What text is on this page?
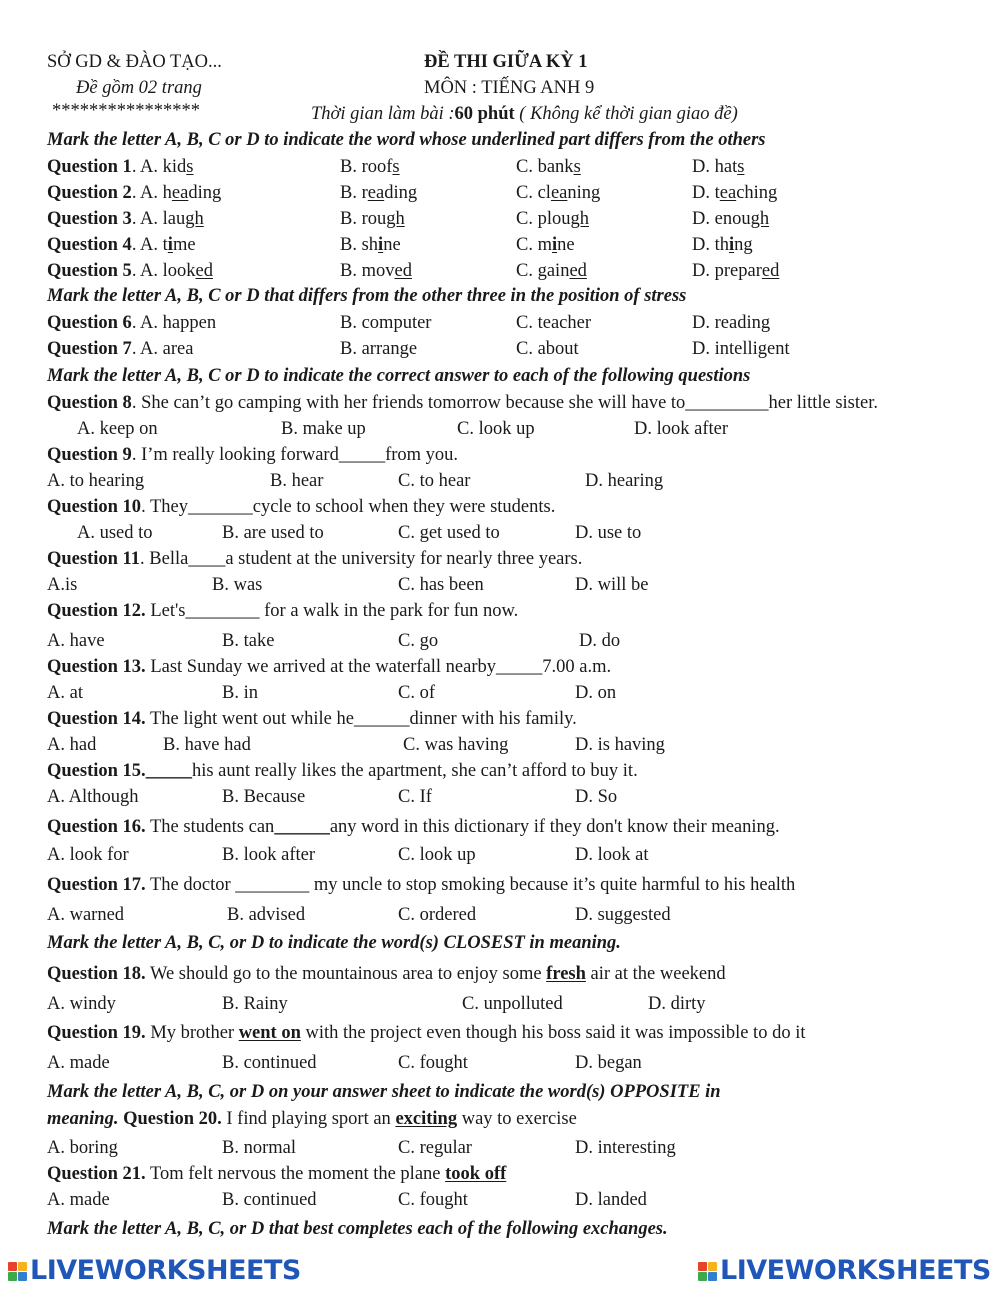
SỞ GD & ĐÀO TẠO...
Đề gồm 02 trang
****************
ĐỀ THI GIỮA KỲ 1
MÔN : TIẾNG ANH 9
Thời gian làm bài :60 phút ( Không kể thời gian giao đề)
Mark the letter A, B, C or D to indicate the word whose underlined part differs from the others
Question 1. A. kids	B. roofs	C. banks	D. hats
Question 2. A. heading	B. reading	C. cleaning	D. teaching
Question 3. A. laugh	B. rough	C. plough	D. enough
Question 4. A. time	B. shine	C. mine	D. thing
Question 5. A. looked	B. moved	C. gained	D. prepared
Mark the letter A, B, C or D that differs from the other three in the position of stress
Question 6. A. happen	B. computer	C. teacher	D. reading
Question 7. A. area	B. arrange	C. about	D. intelligent
Mark the letter A, B, C or D to indicate the correct answer to each of the following questions
Question 8. She can’t go camping with her friends tomorrow because she will have to_________her little sister.
A. keep on	B. make up	C. look up	D. look after
Question 9. I’m really looking forward_____from you.
A. to hearing	B. hear	C. to hear	D. hearing
Question 10. They_______cycle to school when they were students.
A. used to	B. are used to	C. get used to	D. use to
Question 11. Bella____a student at the university for nearly three years.
A.is	B. was	C. has been	D. will be
Question 12. Let's________ for a walk in the park for fun now.
A. have	B. take	C. go	D. do
Question 13. Last Sunday we arrived at the waterfall nearby_____7.00 a.m.
A. at	B. in	C. of	D. on
Question 14. The light went out while he______dinner with his family.
A. had	B. have had	C. was having	D. is having
Question 15._____his aunt really likes the apartment, she can’t afford to buy it.
A. Although	B. Because	C. If	D. So
Question 16. The students can______any word in this dictionary if they don't know their meaning.
A. look for	B. look after	C. look up	D. look at
Question 17. The doctor ________ my uncle to stop smoking because it’s quite harmful to his health
A. warned	B. advised	C. ordered	D. suggested
Mark the letter A, B, C, or D to indicate the word(s) CLOSEST in meaning.
Question 18. We should go to the mountainous area to enjoy some fresh air at the weekend
A. windy	B. Rainy	C. unpolluted	D. dirty
Question 19. My brother went on with the project even though his boss said it was impossible to do it
A. made	B. continued	C. fought	D. began
Mark the letter A, B, C, or D on your answer sheet to indicate the word(s) OPPOSITE in
meaning. Question 20. I find playing sport an exciting way to exercise
A. boring	B. normal	C. regular	D. interesting
Question 21. Tom felt nervous the moment the plane took off
A. made	B. continued	C. fought	D. landed
Mark the letter A, B, C, or D that best completes each of the following exchanges.
LIVEWORKSHEETS	LIVEWORKSHEETS
